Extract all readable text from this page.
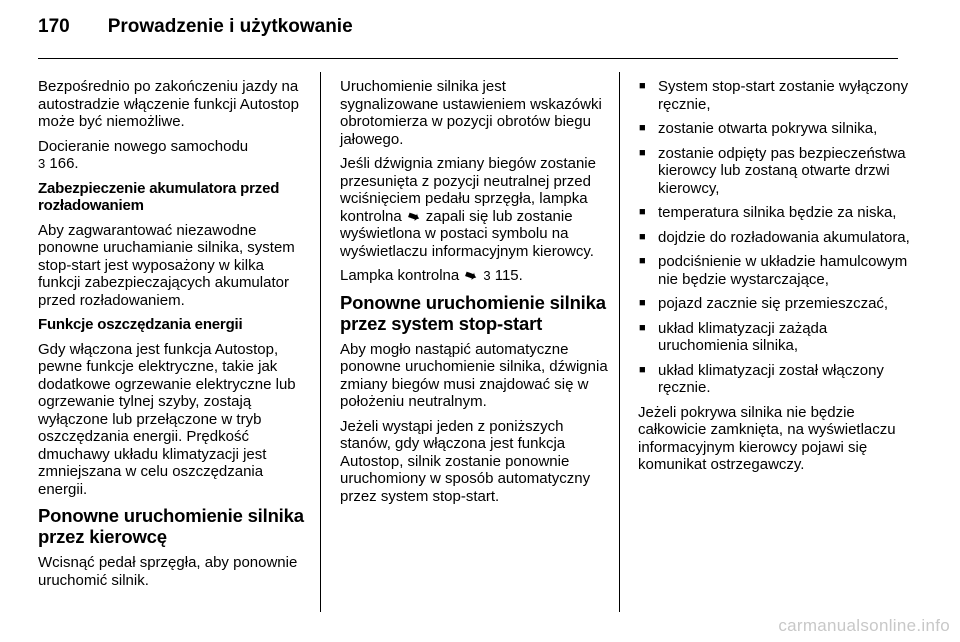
170 Prowadzenie i użytkowanie

Bezpośrednio po zakończeniu jazdy na autostradzie włączenie funkcji Autostop może być niemożliwe.

Docieranie nowego samochodu
3 166.

Zabezpieczenie akumulatora przed rozładowaniem

Aby zagwarantować niezawodne ponowne uruchamianie silnika, system stop-start jest wyposażony w kilka funkcji zabezpieczających akumulator przed rozładowaniem.

Funkcje oszczędzania energii

Gdy włączona jest funkcja Autostop, pewne funkcje elektryczne, takie jak dodatkowe ogrzewanie elektryczne lub ogrzewanie tylnej szyby, zostają wyłączone lub przełączone w tryb oszczędzania energii. Prędkość dmuchawy układu klimatyzacji jest zmniejszana w celu oszczędzania energii.

Ponowne uruchomienie silnika przez kierowcę

Wcisnąć pedał sprzęgła, aby ponownie uruchomić silnik.

Uruchomienie silnika jest sygnalizowane ustawieniem wskazówki obrotomierza w pozycji obrotów biegu jałowego.

Jeśli dźwignia zmiany biegów zostanie przesunięta z pozycji neutralnej przed wciśnięciem pedału sprzęgła, lampka kontrolna ➠ zapali się lub zostanie wyświetlona w postaci symbolu na wyświetlaczu informacyjnym kierowcy.

Lampka kontrolna ➠ 3 115.

Ponowne uruchomienie silnika przez system stop-start

Aby mogło nastąpić automatyczne ponowne uruchomienie silnika, dźwignia zmiany biegów musi znajdować się w położeniu neutralnym.

Jeżeli wystąpi jeden z poniższych stanów, gdy włączona jest funkcja Autostop, silnik zostanie ponownie uruchomiony w sposób automatyczny przez system stop-start.

■ System stop-start zostanie wyłączony ręcznie,
■ zostanie otwarta pokrywa silnika,
■ zostanie odpięty pas bezpieczeństwa kierowcy lub zostaną otwarte drzwi kierowcy,
■ temperatura silnika będzie za niska,
■ dojdzie do rozładowania akumulatora,
■ podciśnienie w układzie hamulcowym nie będzie wystarczające,
■ pojazd zacznie się przemieszczać,
■ układ klimatyzacji zażąda uruchomienia silnika,
■ układ klimatyzacji został włączony ręcznie.

Jeżeli pokrywa silnika nie będzie całkowicie zamknięta, na wyświetlaczu informacyjnym kierowcy pojawi się komunikat ostrzegawczy.

carmanualsonline.info
